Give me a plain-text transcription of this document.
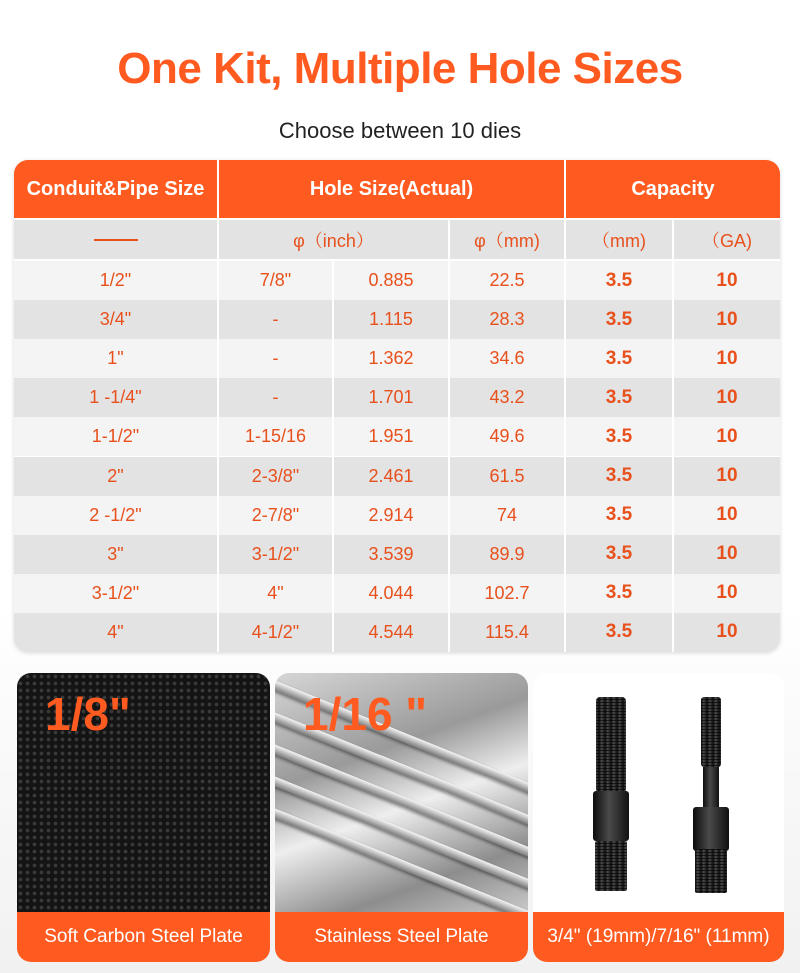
One Kit, Multiple Hole Sizes
Choose between 10 dies
Conduit&Pipe Size	Hole Size(Actual)	Capacity
φ（inch）	φ（mm)	（mm)	（GA)
1/2"	7/8"	0.885	22.5	3.5	10
3/4"	-	1.115	28.3	3.5	10
1"	-	1.362	34.6	3.5	10
1 -1/4"	-	1.701	43.2	3.5	10
1-1/2"	1-15/16	1.951	49.6	3.5	10
2"	2-3/8"	2.461	61.5	3.5	10
2 -1/2"	2-7/8"	2.914	74	3.5	10
3"	3-1/2"	3.539	89.9	3.5	10
3-1/2"	4"	4.044	102.7	3.5	10
4"	4-1/2"	4.544	115.4	3.5	10
1/8"
Soft Carbon Steel Plate
1/16 "
Stainless Steel Plate	3/4" (19mm)/7/16" (11mm)
